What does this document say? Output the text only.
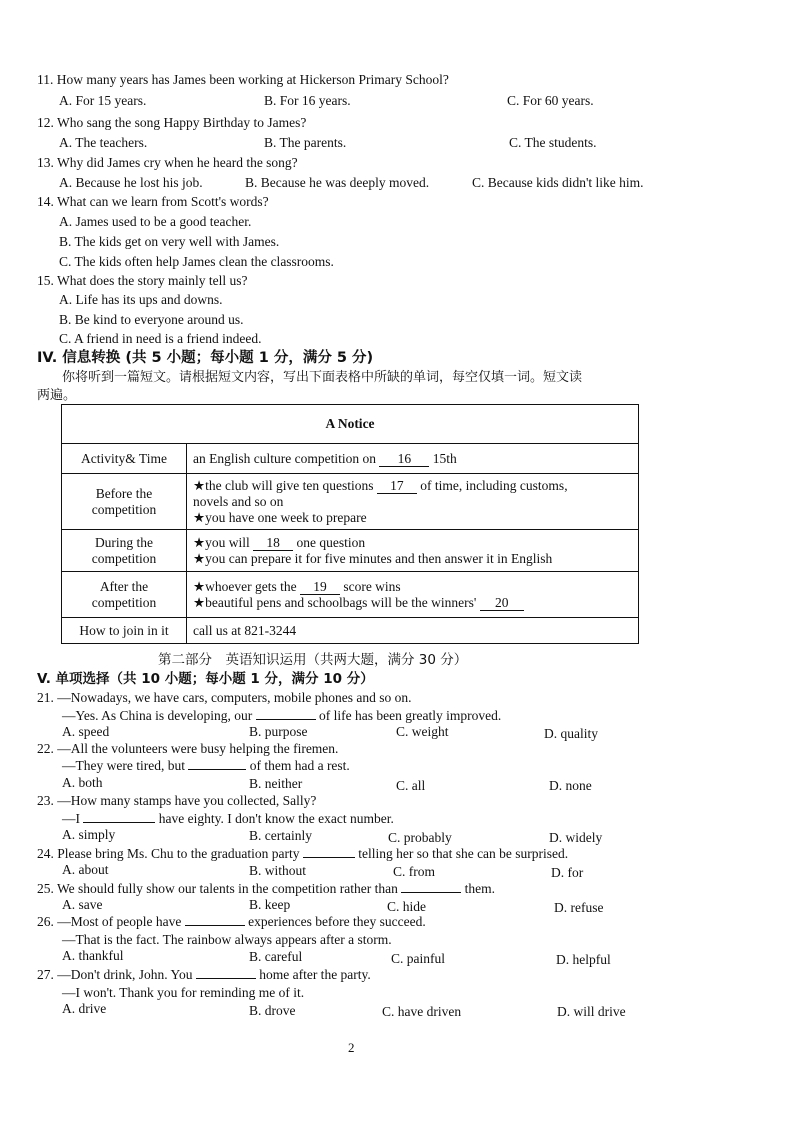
11. How many years has James been working at Hickerson Primary School?
A. For 15 years.	B. For 16 years.	C. For 60 years.
12. Who sang the song Happy Birthday to James?
A. The teachers.	B. The parents.	C. The students.
13. Why did James cry when he heard the song?
A. Because he lost his job.	B. Because he was deeply moved.	C. Because kids didn't like him.
14. What can we learn from Scott's words?
A. James used to be a good teacher.
B. The kids get on very well with James.
C. The kids often help James clean the classrooms.
15. What does the story mainly tell us?
A. Life has its ups and downs.
B. Be kind to everyone around us.
C. A friend in need is a friend indeed.
IV. 信息转换 (共 5 小题；每小题 1 分，满分 5 分)
你将听到一篇短文。请根据短文内容，写出下面表格中所缺的单词，每空仅填一词。短文读
两遍。
A Notice	
Activity& Time	an English culture competition on 16 15th

Before the
competition	★the club will give ten questions 17 of time, including customs,
novels and so on
★you have one week to prepare

During the
competition	★you will 18 one question
★you can prepare it for five minutes and then answer it in English

After the
competition	★whoever gets the 19 score wins
★beautiful pens and schoolbags will be the winners' 20

How to join in it	call us at 821-3244
第二部分　英语知识运用（共两大题，满分 30 分）
V. 单项选择（共 10 小题；每小题 1 分，满分 10 分）
21. —Nowadays, we have cars, computers, mobile phones and so on.
—Yes. As China is developing, our	of life has been greatly improved.
A. speed	B. purpose	C. weight	D. quality
22. —All the volunteers were busy helping the firemen.
—They were tired, but	of them had a rest.
A. both	B. neither	C. all	D. none
23. —How many stamps have you collected, Sally?
—I	have eighty. I don't know the exact number.
A. simply	B. certainly	C. probably	D. widely
24. Please bring Ms. Chu to the graduation party	telling her so that she can be surprised.
A. about	B. without	C. from	D. for
25. We should fully show our talents in the competition rather than	them.
A. save	B. keep	C. hide	D. refuse
26. —Most of people have	experiences before they succeed.
—That is the fact. The rainbow always appears after a storm.
A. thankful	B. careful	C. painful	D. helpful
27. —Don't drink, John. You	home after the party.
—I won't. Thank you for reminding me of it.
A. drive	B. drove	C. have driven	D. will drive
2
